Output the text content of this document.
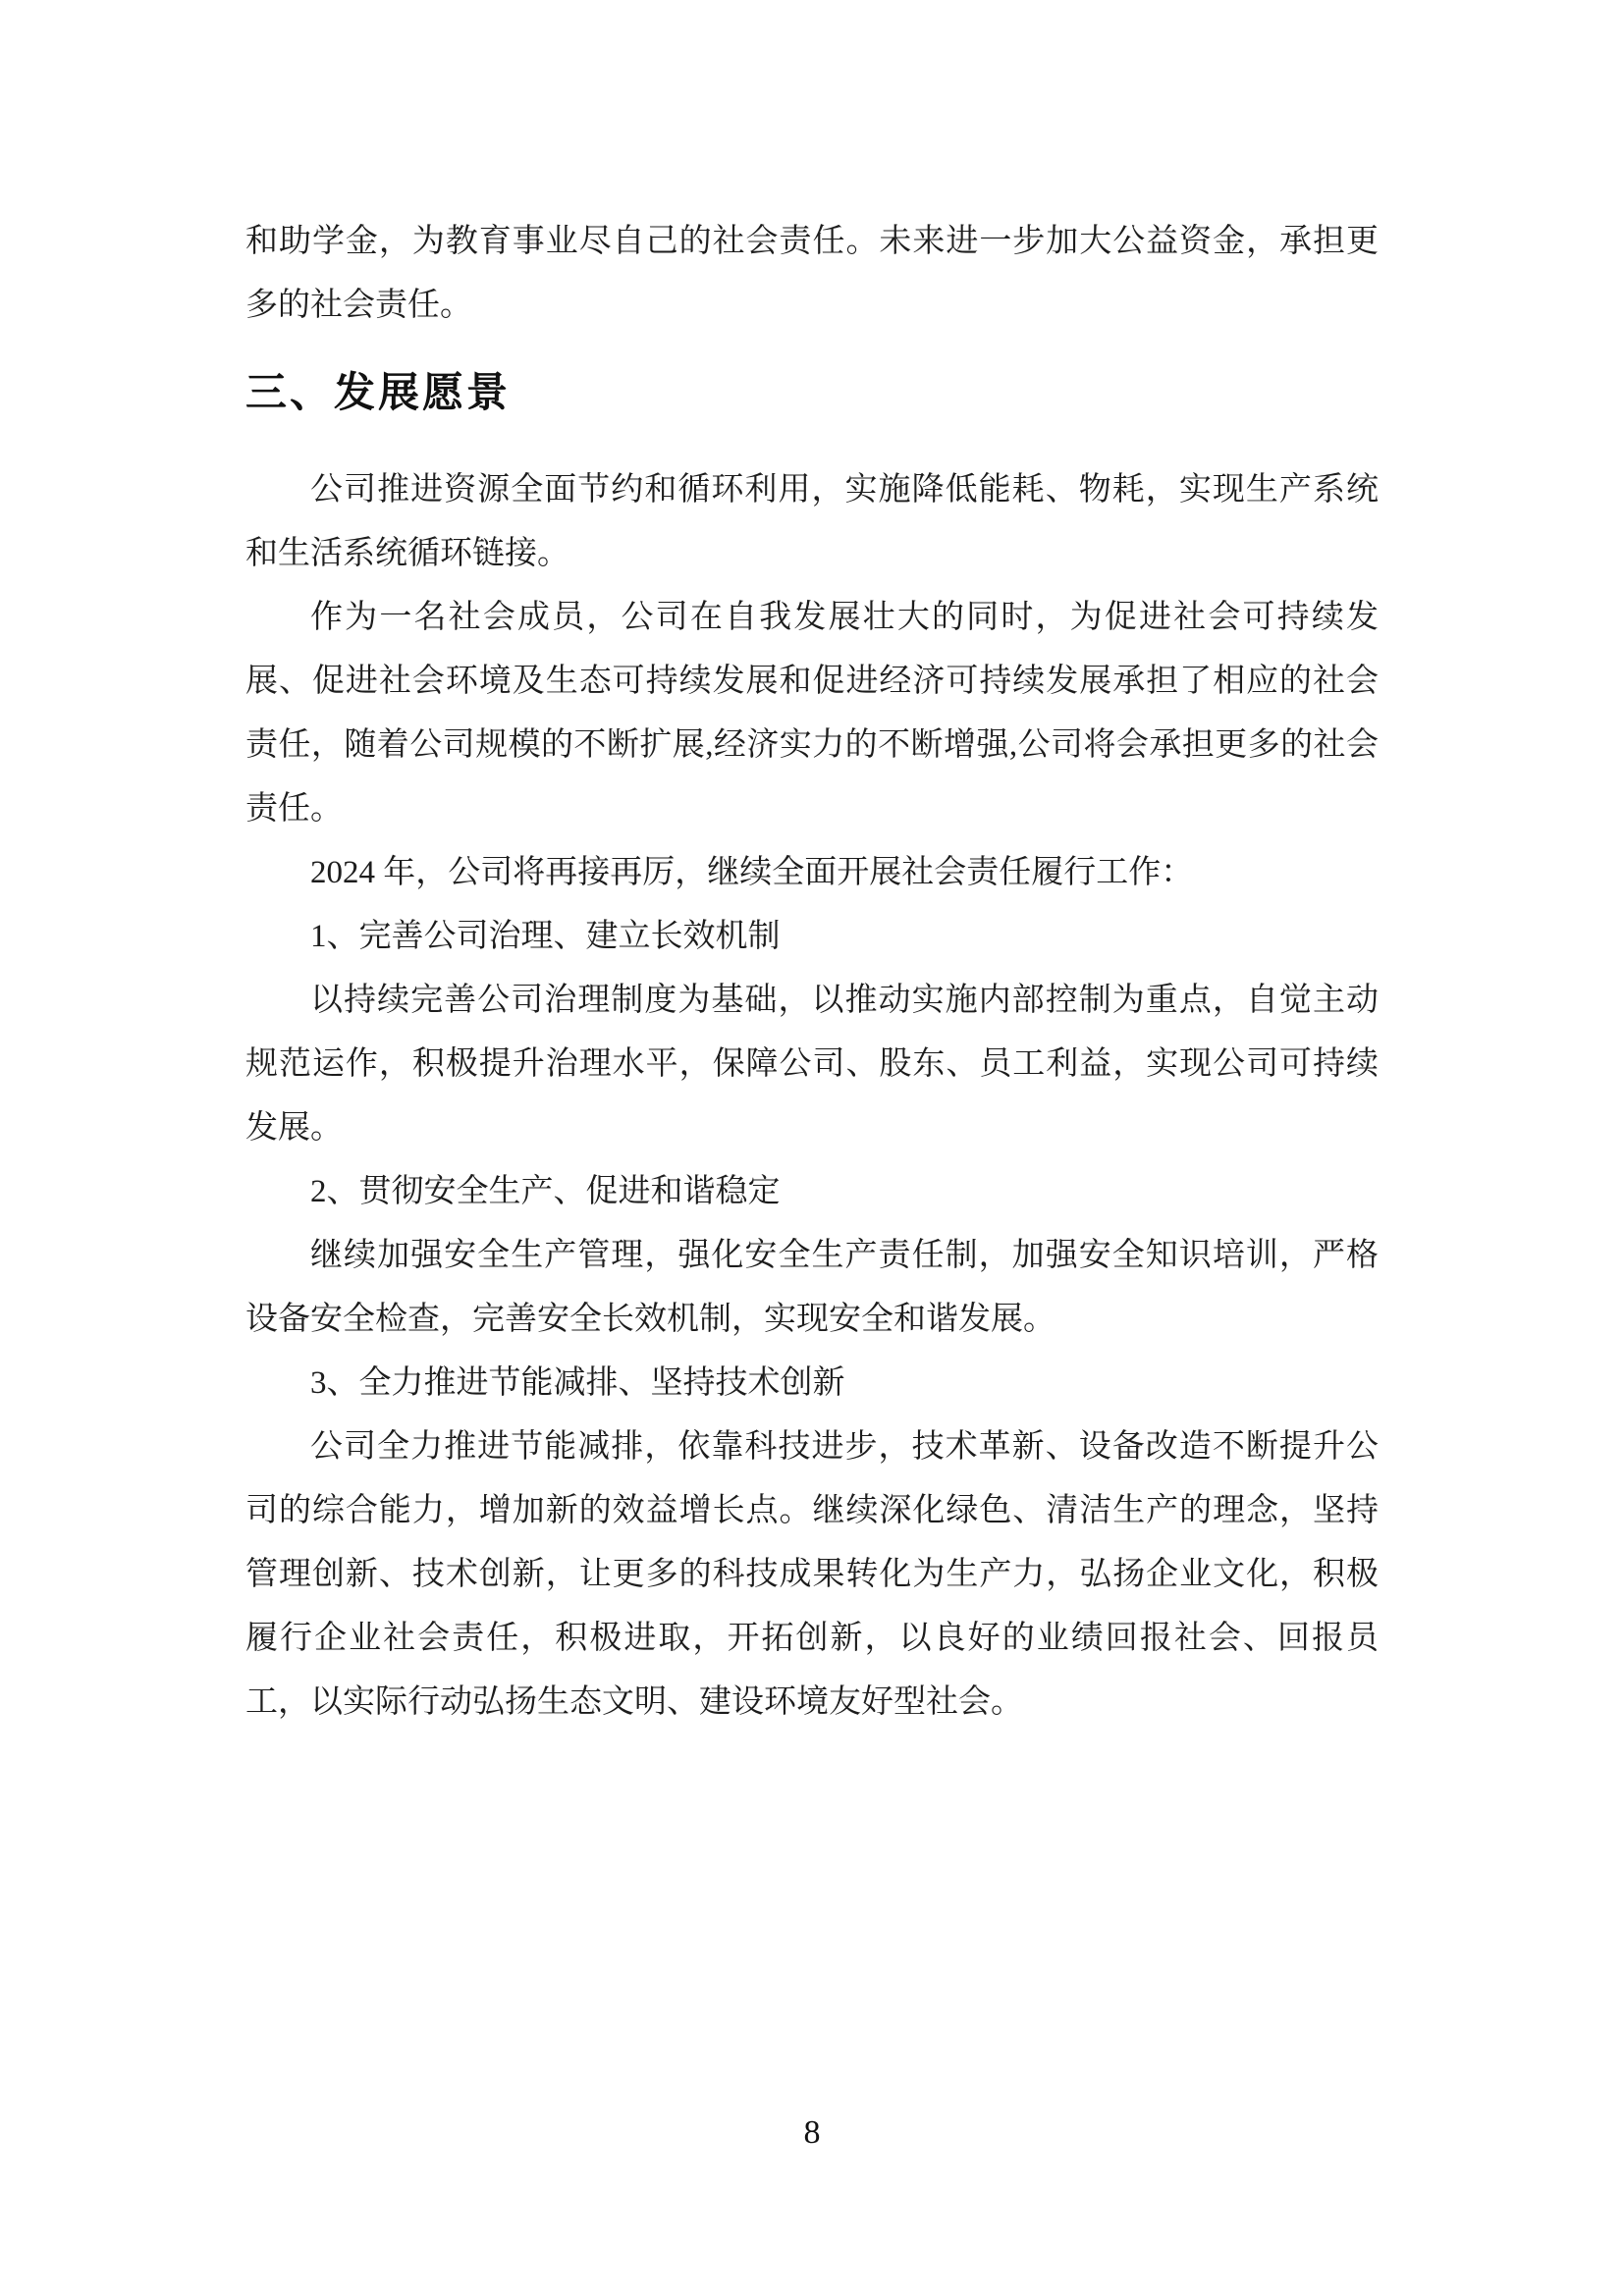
和助学金，为教育事业尽自己的社会责任。未来进一步加大公益资金，承担更多的社会责任。

三、发展愿景

公司推进资源全面节约和循环利用，实施降低能耗、物耗，实现生产系统和生活系统循环链接。

作为一名社会成员，公司在自我发展壮大的同时，为促进社会可持续发展、促进社会环境及生态可持续发展和促进经济可持续发展承担了相应的社会责任，随着公司规模的不断扩展,经济实力的不断增强,公司将会承担更多的社会责任。

2024 年，公司将再接再厉，继续全面开展社会责任履行工作：

1、完善公司治理、建立长效机制

以持续完善公司治理制度为基础，以推动实施内部控制为重点，自觉主动规范运作，积极提升治理水平，保障公司、股东、员工利益，实现公司可持续发展。

2、贯彻安全生产、促进和谐稳定

继续加强安全生产管理，强化安全生产责任制，加强安全知识培训，严格设备安全检查，完善安全长效机制，实现安全和谐发展。

3、全力推进节能减排、坚持技术创新

公司全力推进节能减排，依靠科技进步，技术革新、设备改造不断提升公司的综合能力，增加新的效益增长点。继续深化绿色、清洁生产的理念，坚持管理创新、技术创新，让更多的科技成果转化为生产力，弘扬企业文化，积极履行企业社会责任，积极进取，开拓创新，以良好的业绩回报社会、回报员工，以实际行动弘扬生态文明、建设环境友好型社会。

8
